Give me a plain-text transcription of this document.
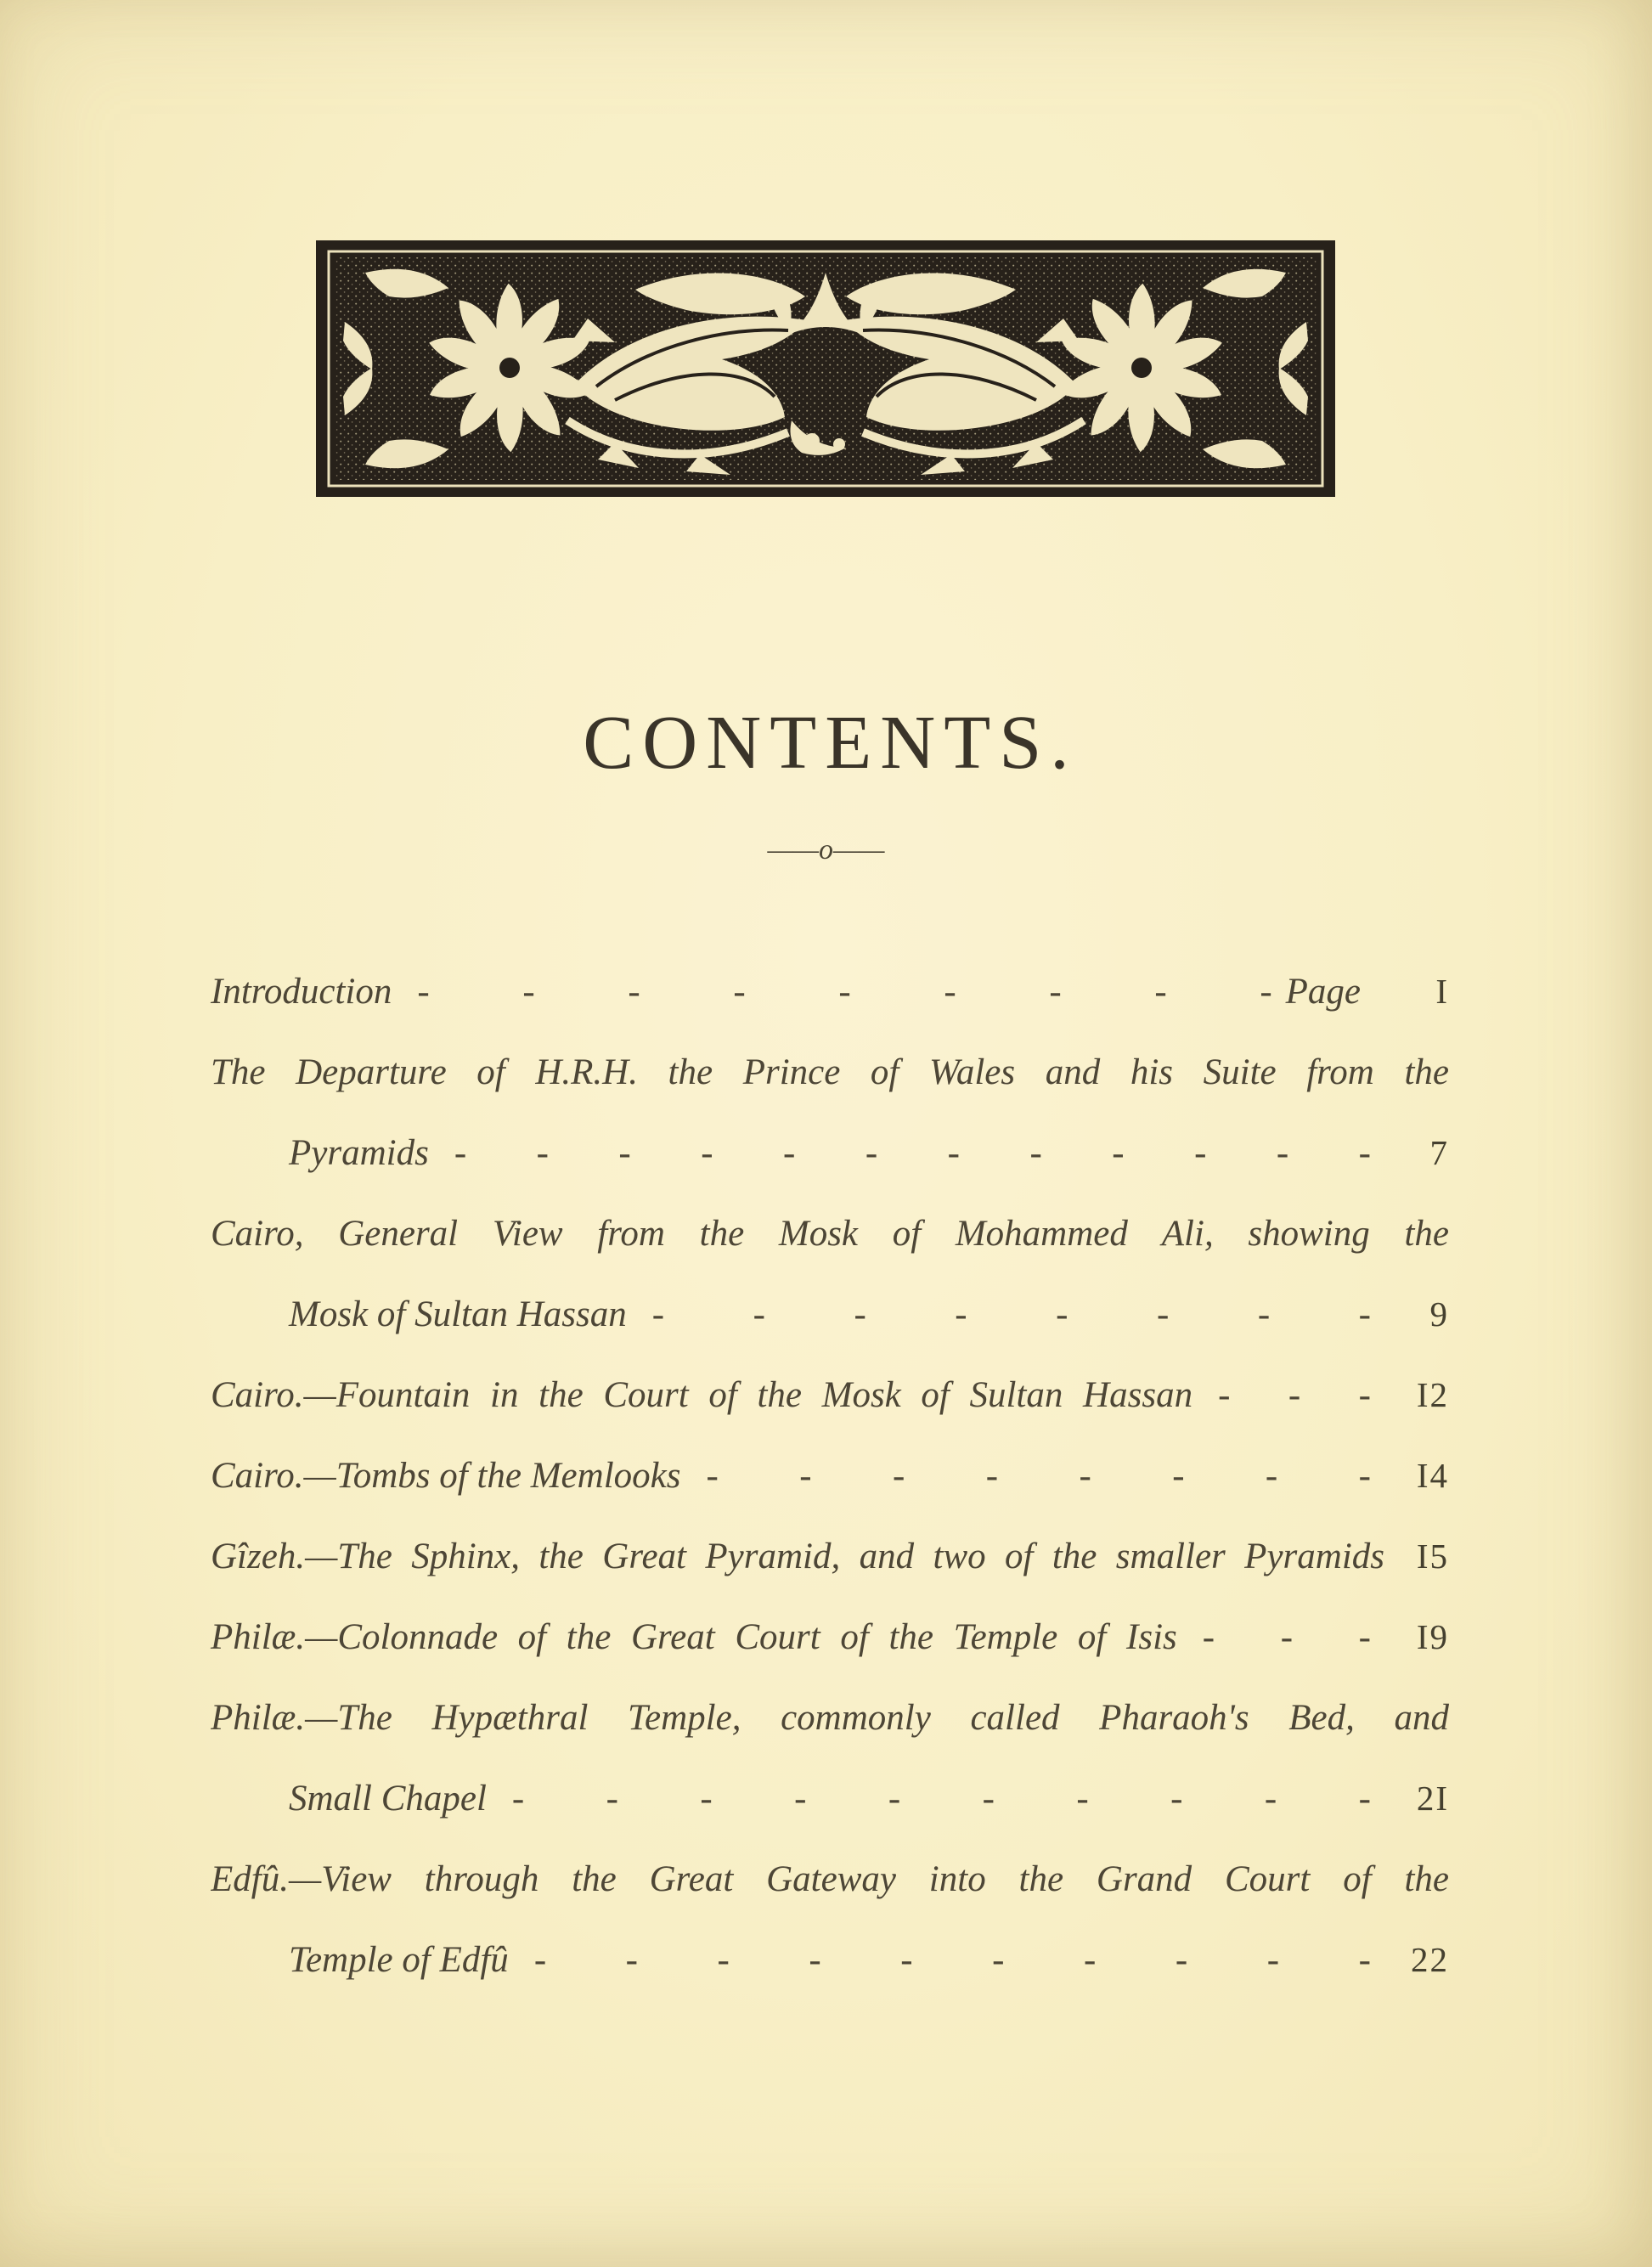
CONTENTS.
——o——
Introduction - - - - - - - - - Page	I
The Departure of H.R.H. the Prince of Wales and his Suite from the
Pyramids - - - - - - - - - - - -	7
Cairo, General View from the Mosk of Mohammed Ali, showing the
Mosk of Sultan Hassan - - - - - - - -	9
Cairo.—Fountain in the Court of the Mosk of Sultan Hassan - - -	I2
Cairo.—Tombs of the Memlooks - - - - - - - -	I4
Gîzeh.—The Sphinx, the Great Pyramid, and two of the smaller Pyramids I5
Philæ.—Colonnade of the Great Court of the Temple of Isis - - -	I9
Philæ.—The Hypæthral Temple, commonly called Pharaoh's Bed, and
Small Chapel - - - - - - - - - -	2I
Edfû.—View through the Great Gateway into the Grand Court of the
Temple of Edfû - - - - - - - - - -	22
